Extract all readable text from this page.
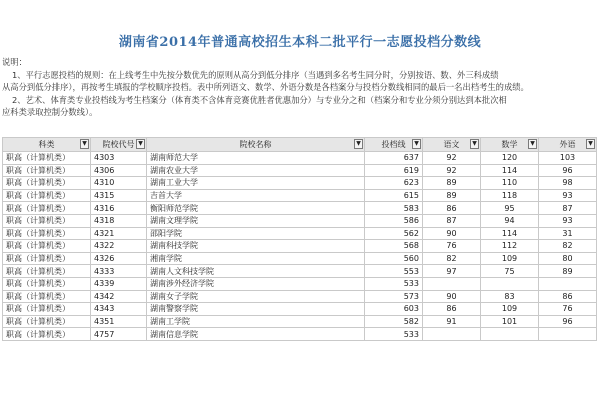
湖南省2014年普通高校招生本科二批平行一志愿投档分数线
说明：
1、平行志愿投档的规则：在上线考生中先按分数优先的原则从高分到低分排序（当遇到多名考生同分时，分别按语、数、外三科成绩
从高分到低分排序），再按考生填报的学校顺序投档。表中所列语文、数学、外语分数是各档案分与投档分数线相同的最后一名出档考生的成绩。
2、艺术、体育类专业投档线为考生档案分（体育类不含体育竞赛优胜者优惠加分）与专业分之和（档案分和专业分须分别达到本批次相
应科类录取控制分数线）。
科类 ▼	院校代号 ▼	院校名称 ▼	投档线 ▼	语文 ▼	数学 ▼	外语 ▼

职高（计算机类）	4303	湖南师范大学	637	92	120	103
职高（计算机类）	4306	湖南农业大学	619	92	114	96
职高（计算机类）	4310	湖南工业大学	623	89	110	98
职高（计算机类）	4315	吉首大学	615	89	118	93
职高（计算机类）	4316	衡阳师范学院	583	86	95	87
职高（计算机类）	4318	湖南文理学院	586	87	94	93
职高（计算机类）	4321	邵阳学院	562	90	114	31
职高（计算机类）	4322	湖南科技学院	568	76	112	82
职高（计算机类）	4326	湘南学院	560	82	109	80
职高（计算机类）	4333	湖南人文科技学院	553	97	75	89
职高（计算机类）	4339	湖南涉外经济学院	533			
职高（计算机类）	4342	湖南女子学院	573	90	83	86
职高（计算机类）	4343	湖南警察学院	603	86	109	76
职高（计算机类）	4351	湖南工学院	582	91	101	96
职高（计算机类）	4757	湖南信息学院	533			
